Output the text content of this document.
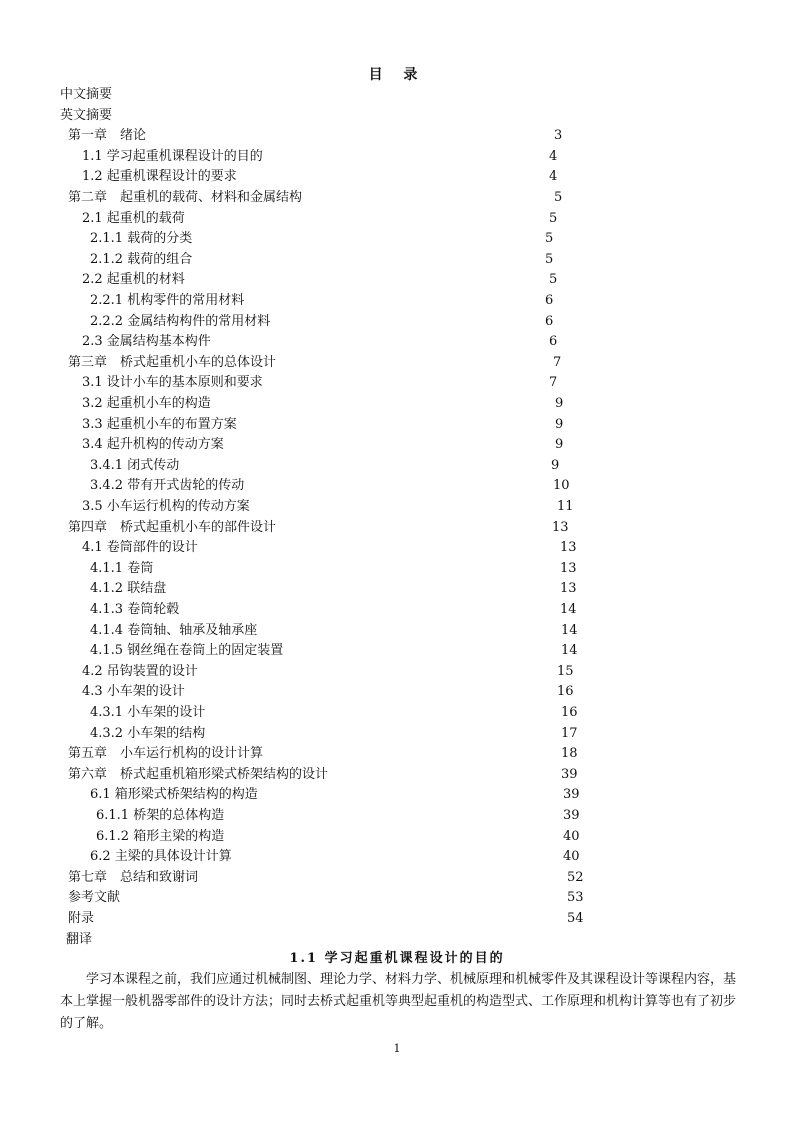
目 录
中文摘要
英文摘要
第一章　绪论	3
1.1 学习起重机课程设计的目的	4
1.2 起重机课程设计的要求	4
第二章　起重机的载荷、材料和金属结构	5
2.1 起重机的载荷	5
2.1.1 载荷的分类	5
2.1.2 载荷的组合	5
2.2 起重机的材料	5
2.2.1 机构零件的常用材料	6
2.2.2 金属结构构件的常用材料	6
2.3 金属结构基本构件	6
第三章　桥式起重机小车的总体设计	7
3.1 设计小车的基本原则和要求	7
3.2 起重机小车的构造	9
3.3 起重机小车的布置方案	9
3.4 起升机构的传动方案	9
3.4.1 闭式传动	9
3.4.2 带有开式齿轮的传动	10
3.5 小车运行机构的传动方案	11
第四章　桥式起重机小车的部件设计	13
4.1 卷筒部件的设计	13
4.1.1 卷筒	13
4.1.2 联结盘	13
4.1.3 卷筒轮毂	14
4.1.4 卷筒轴、轴承及轴承座	14
4.1.5 钢丝绳在卷筒上的固定装置	14
4.2 吊钩装置的设计	15
4.3 小车架的设计	16
4.3.1 小车架的设计	16
4.3.2 小车架的结构	17
第五章　小车运行机构的设计计算	18
第六章　桥式起重机箱形梁式桥架结构的设计	39
6.1 箱形梁式桥架结构的构造	39
6.1.1 桥架的总体构造	39
6.1.2 箱形主梁的构造	40
6.2 主梁的具体设计计算	40
第七章　总结和致谢词	52
参考文献	53
附录	54
翻译
1.1 学习起重机课程设计的目的
学习本课程之前，我们应通过机械制图、理论力学、材料力学、机械原理和机械零件及其课程设计等课程内容，基本上掌握一般机器零部件的设计方法；同时去桥式起重机等典型起重机的构造型式、工作原理和机构计算等也有了初步的了解。
1
